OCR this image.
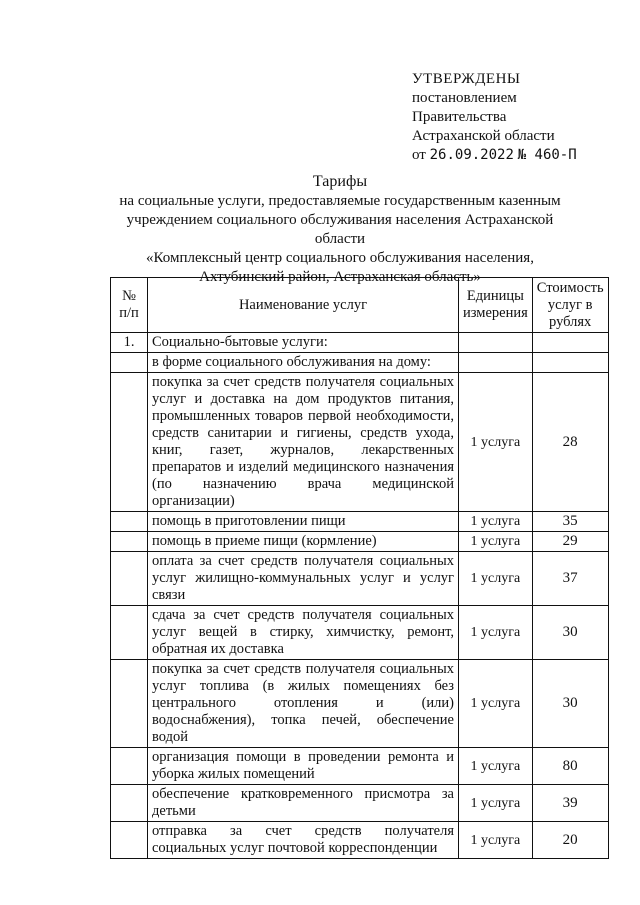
УТВЕРЖДЕНЫ
постановлением
Правительства
Астраханской области
от 26.09.2022 № 460-П
Тарифы
на социальные услуги, предоставляемые государственным казенным
учреждением социального обслуживания населения Астраханской области
«Комплексный центр социального обслуживания населения,
Ахтубинский район, Астраханская область»
№ п/п	Наименование услуг	Единицы измерения	Стоимость услуг в рублях
1.	Социально-бытовые услуги:		
	в форме социального обслуживания на дому:		
	покупка за счет средств получателя социальных услуг и доставка на дом продуктов питания, промышленных товаров первой необходимости, средств санитарии и гигиены, средств ухода, книг, газет, журналов, лекарственных препаратов и изделий медицинского назначения (по назначению врача медицинской организации)	1 услуга	28
	помощь в приготовлении пищи	1 услуга	35
	помощь в приеме пищи (кормление)	1 услуга	29
	оплата за счет средств получателя социальных услуг жилищно-коммунальных услуг и услуг связи	1 услуга	37
	сдача за счет средств получателя социальных услуг вещей в стирку, химчистку, ремонт, обратная их доставка	1 услуга	30
	покупка за счет средств получателя социальных услуг топлива (в жилых помещениях без центрального отопления и (или) водоснабжения), топка печей, обеспечение водой	1 услуга	30
	организация помощи в проведении ремонта и уборка жилых помещений	1 услуга	80
	обеспечение кратковременного присмотра за детьми	1 услуга	39
	отправка за счет средств получателя социальных услуг почтовой корреспонденции	1 услуга	20
